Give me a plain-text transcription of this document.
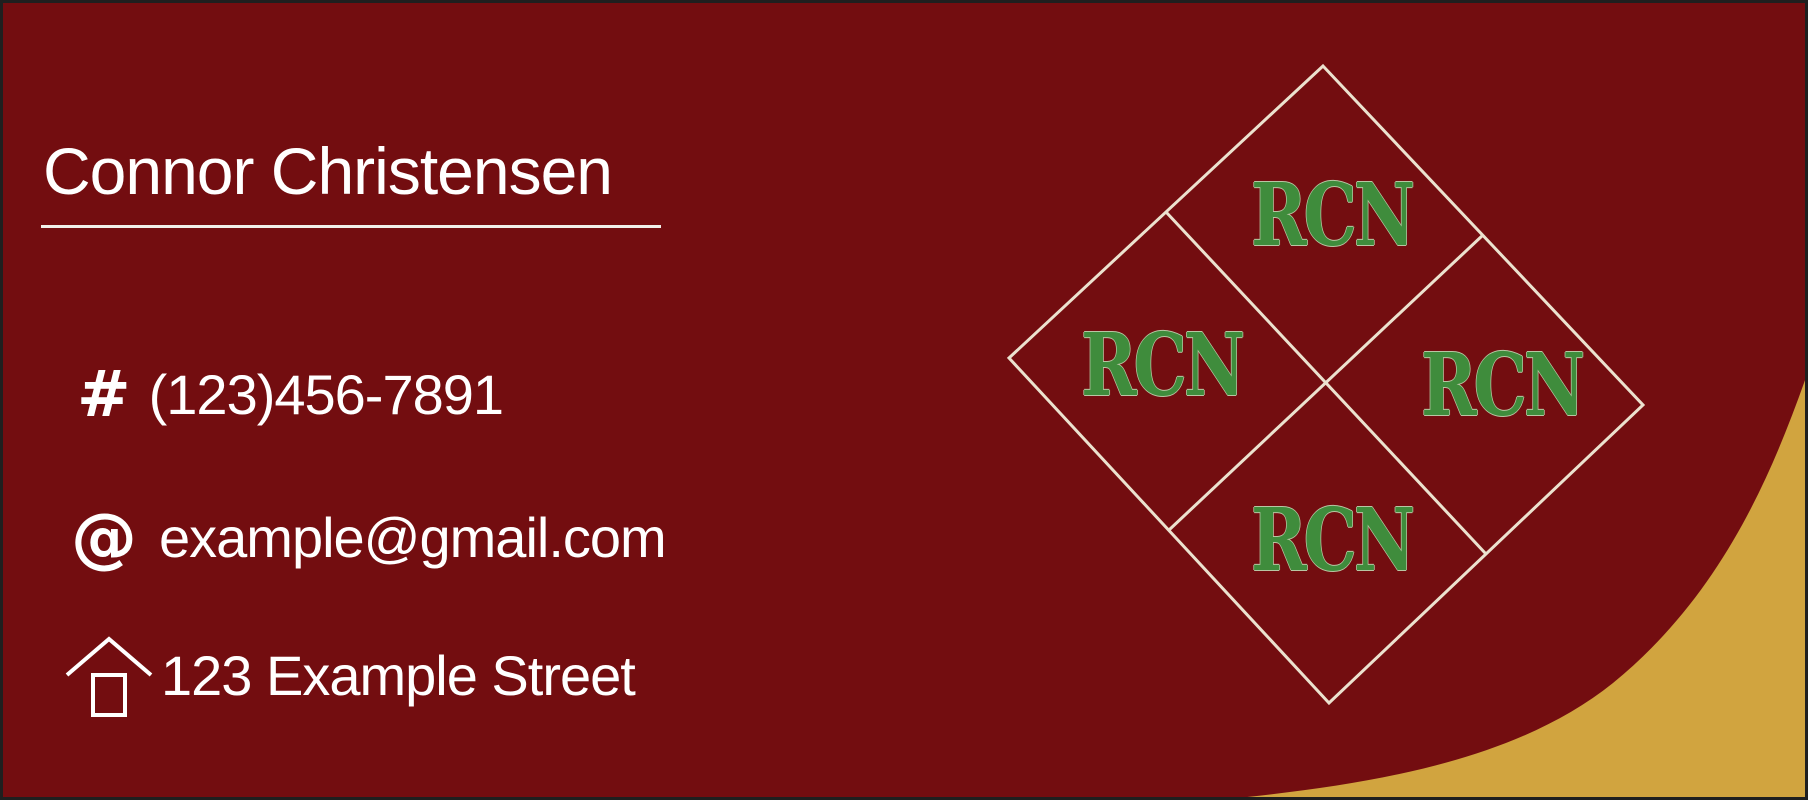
Connor Christensen
# (123)456-7891
@ example@gmail.com
123 Example Street
RCN
RCN RCN
RCN
